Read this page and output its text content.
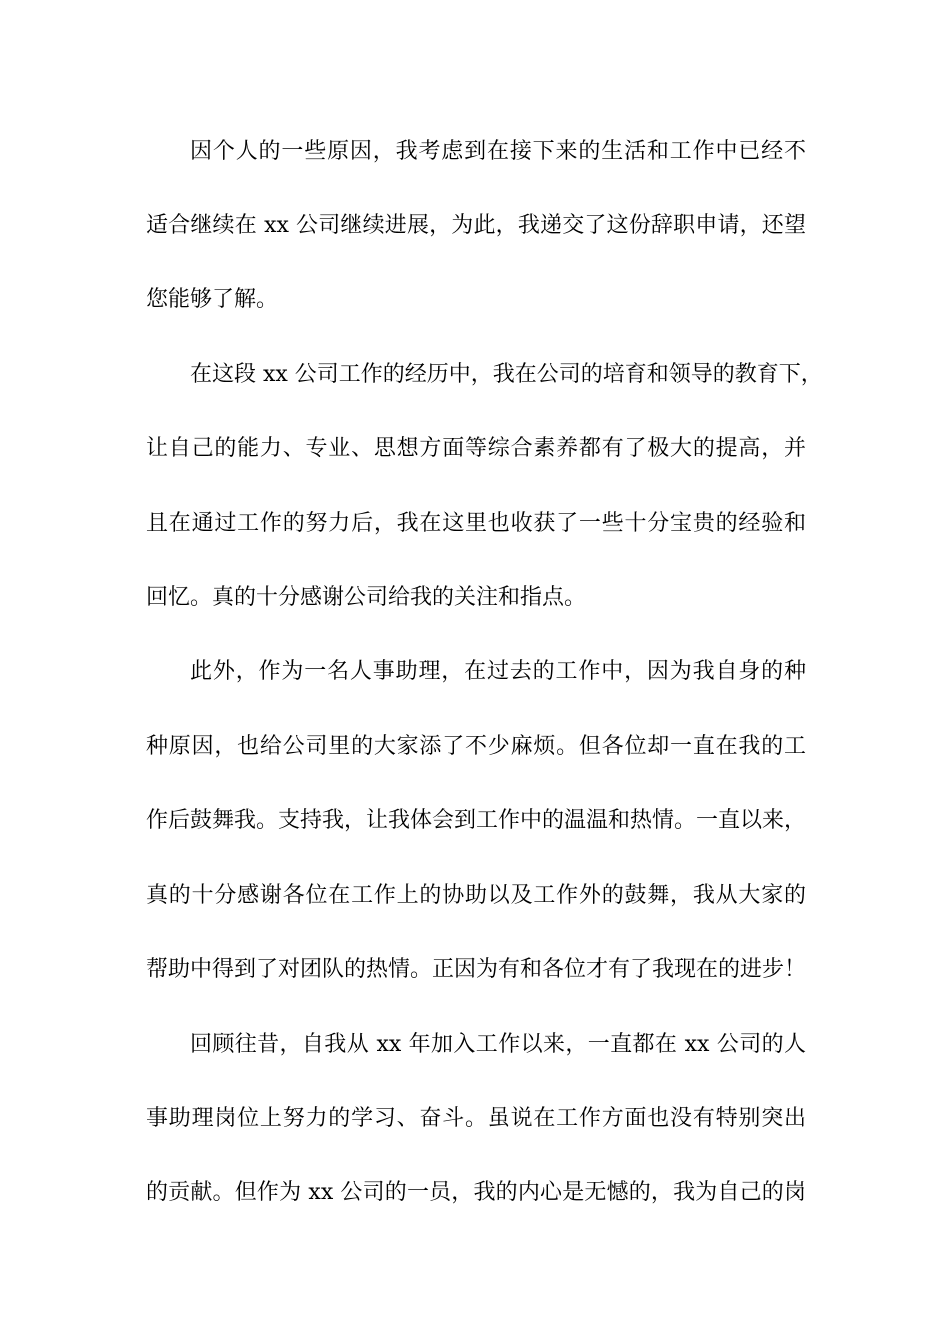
因个人的一些原因，我考虑到在接下来的生活和工作中已经不
适合继续在 xx 公司继续进展，为此，我递交了这份辞职申请，还望
您能够了解。
在这段 xx 公司工作的经历中，我在公司的培育和领导的教育下，
让自己的能力、专业、思想方面等综合素养都有了极大的提高，并
且在通过工作的努力后，我在这里也收获了一些十分宝贵的经验和
回忆。真的十分感谢公司给我的关注和指点。
此外，作为一名人事助理，在过去的工作中，因为我自身的种
种原因，也给公司里的大家添了不少麻烦。但各位却一直在我的工
作后鼓舞我。支持我，让我体会到工作中的温温和热情。一直以来，
真的十分感谢各位在工作上的协助以及工作外的鼓舞，我从大家的
帮助中得到了对团队的热情。正因为有和各位才有了我现在的进步！
回顾往昔，自我从 xx 年加入工作以来，一直都在 xx 公司的人
事助理岗位上努力的学习、奋斗。虽说在工作方面也没有特别突出
的贡献。但作为 xx 公司的一员，我的内心是无憾的，我为自己的岗
